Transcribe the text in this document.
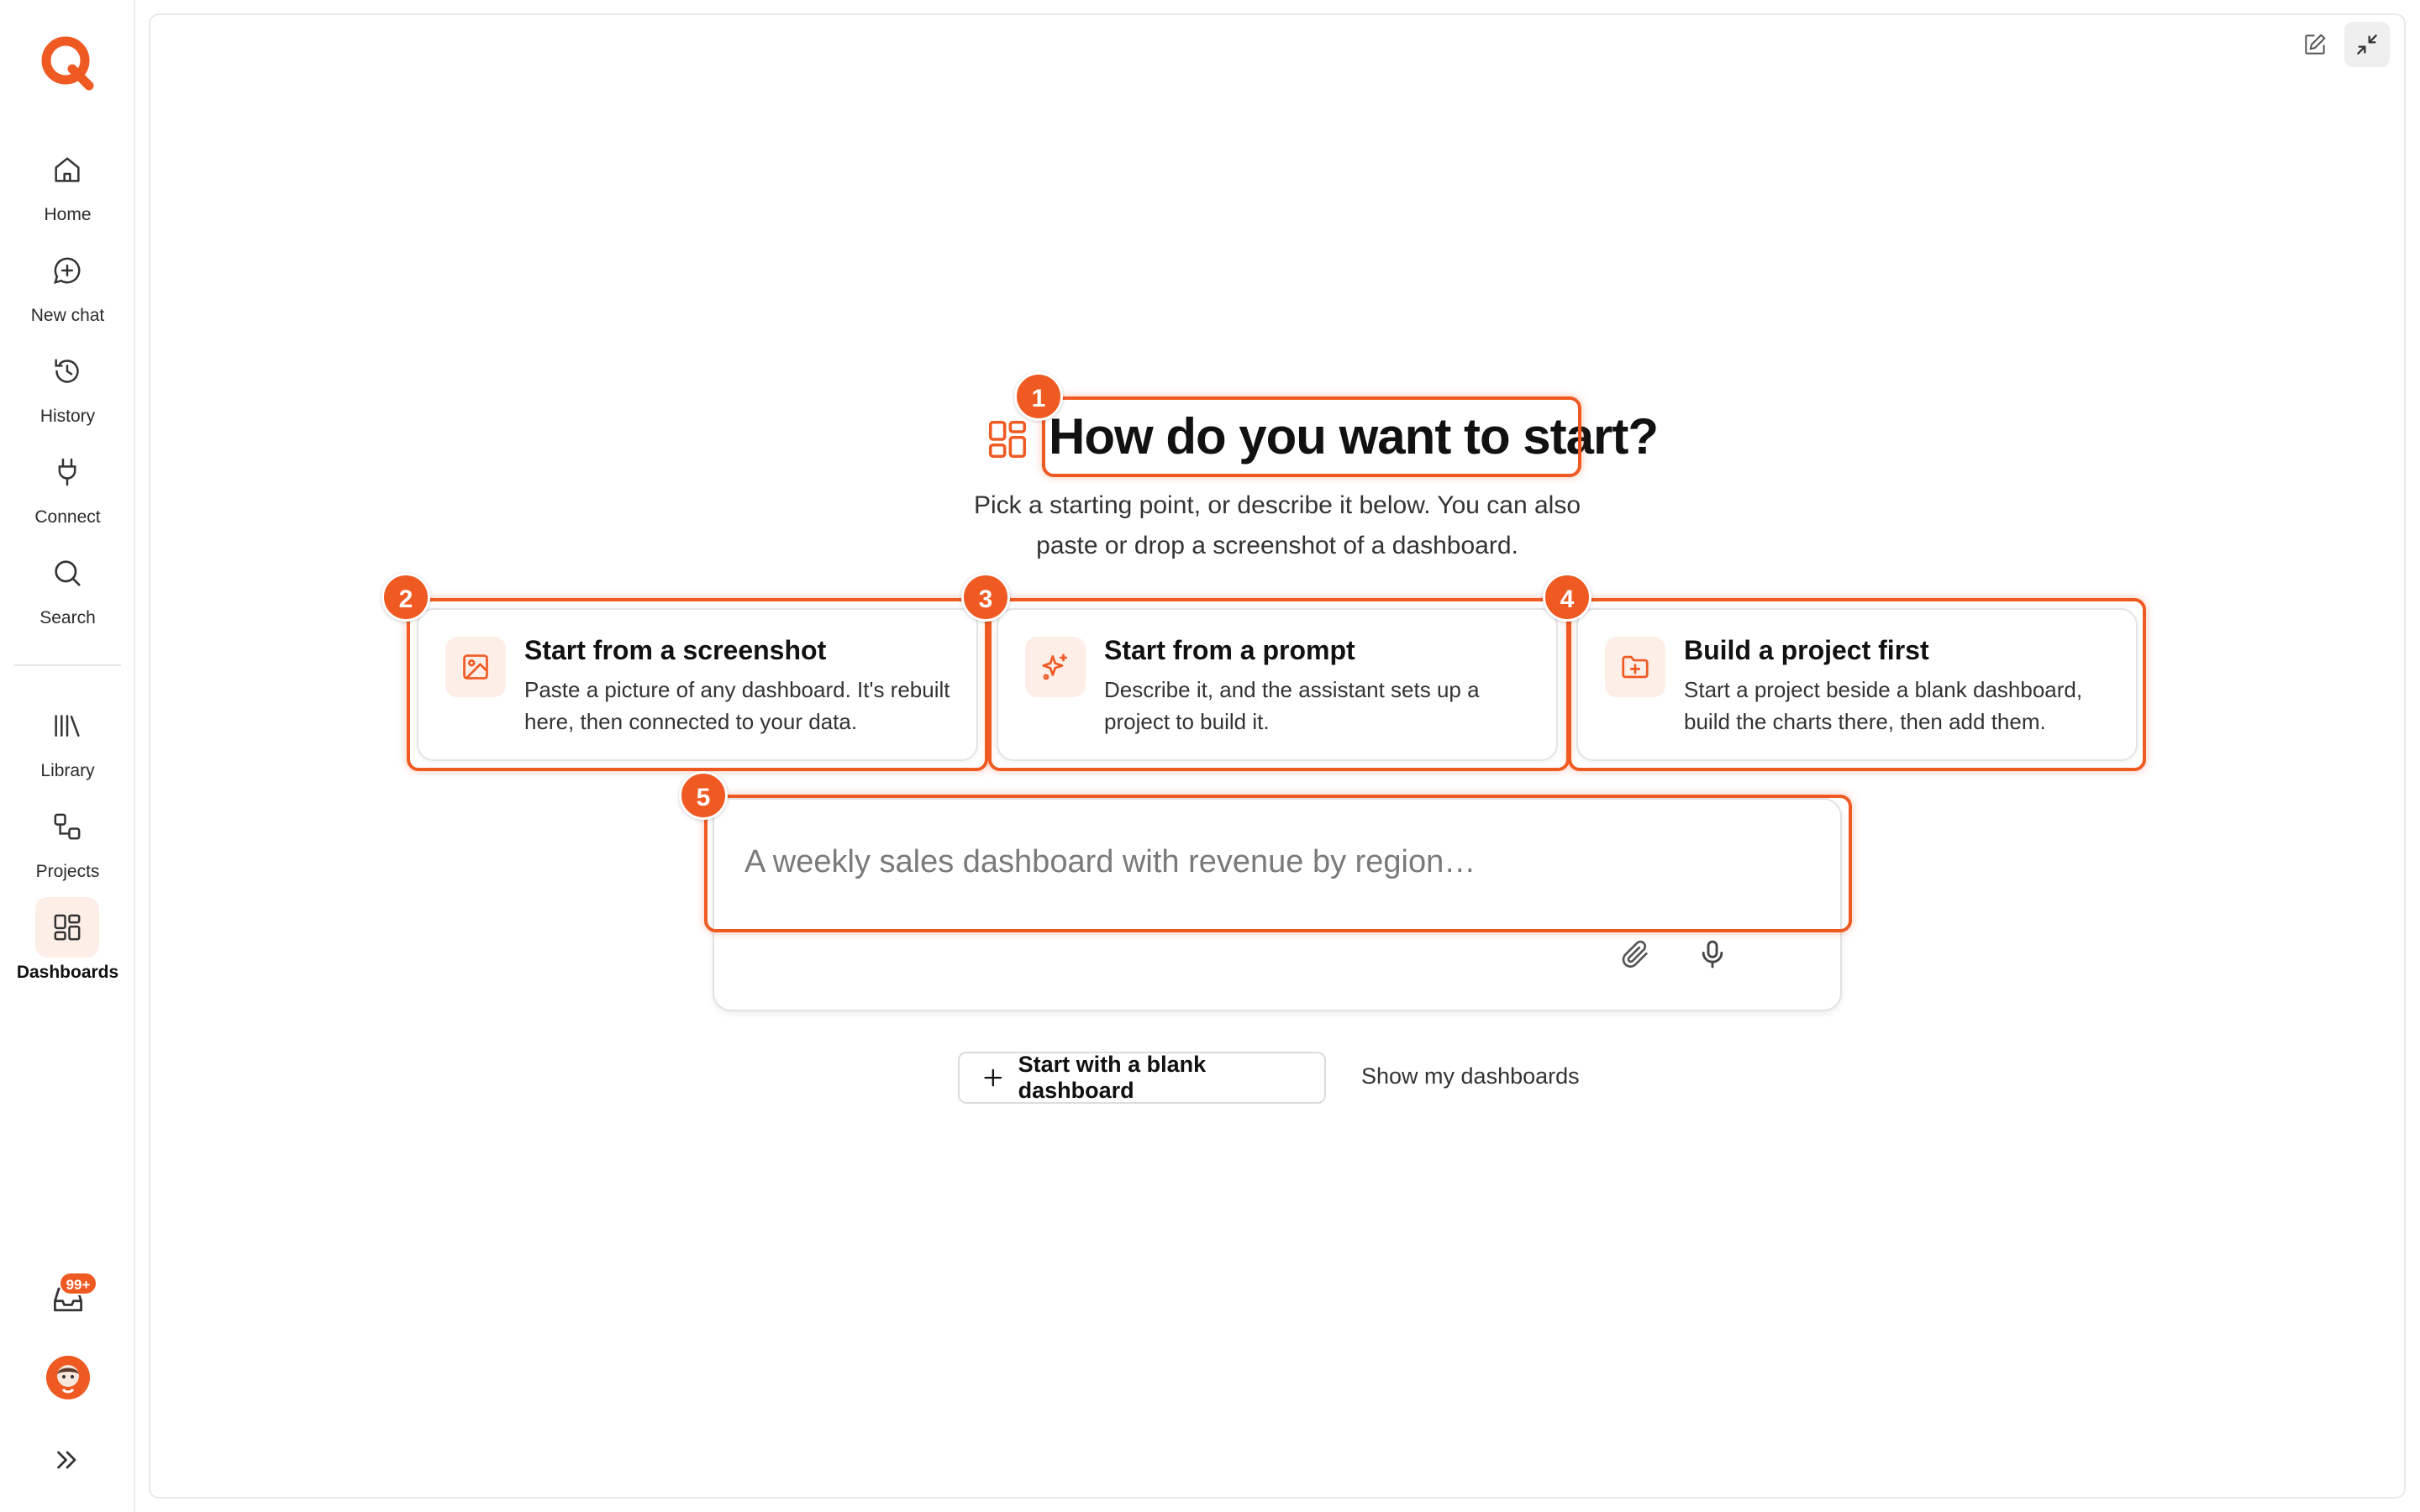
Home
New chat
History
Connect
Search
Library
Projects
Dashboards
99+
How do you want to start?
Pick a starting point, or describe it below. You can also paste or drop a screenshot of a dashboard.
Start from a screenshot
Paste a picture of any dashboard. It's rebuilt here, then connected to your data.
Start from a prompt
Describe it, and the assistant sets up a project to build it.
Build a project first
Start a project beside a blank dashboard, build the charts there, then add them.
A weekly sales dashboard with revenue by region…
Start with a blank dashboard
Show my dashboards
1
2	3	4
5
